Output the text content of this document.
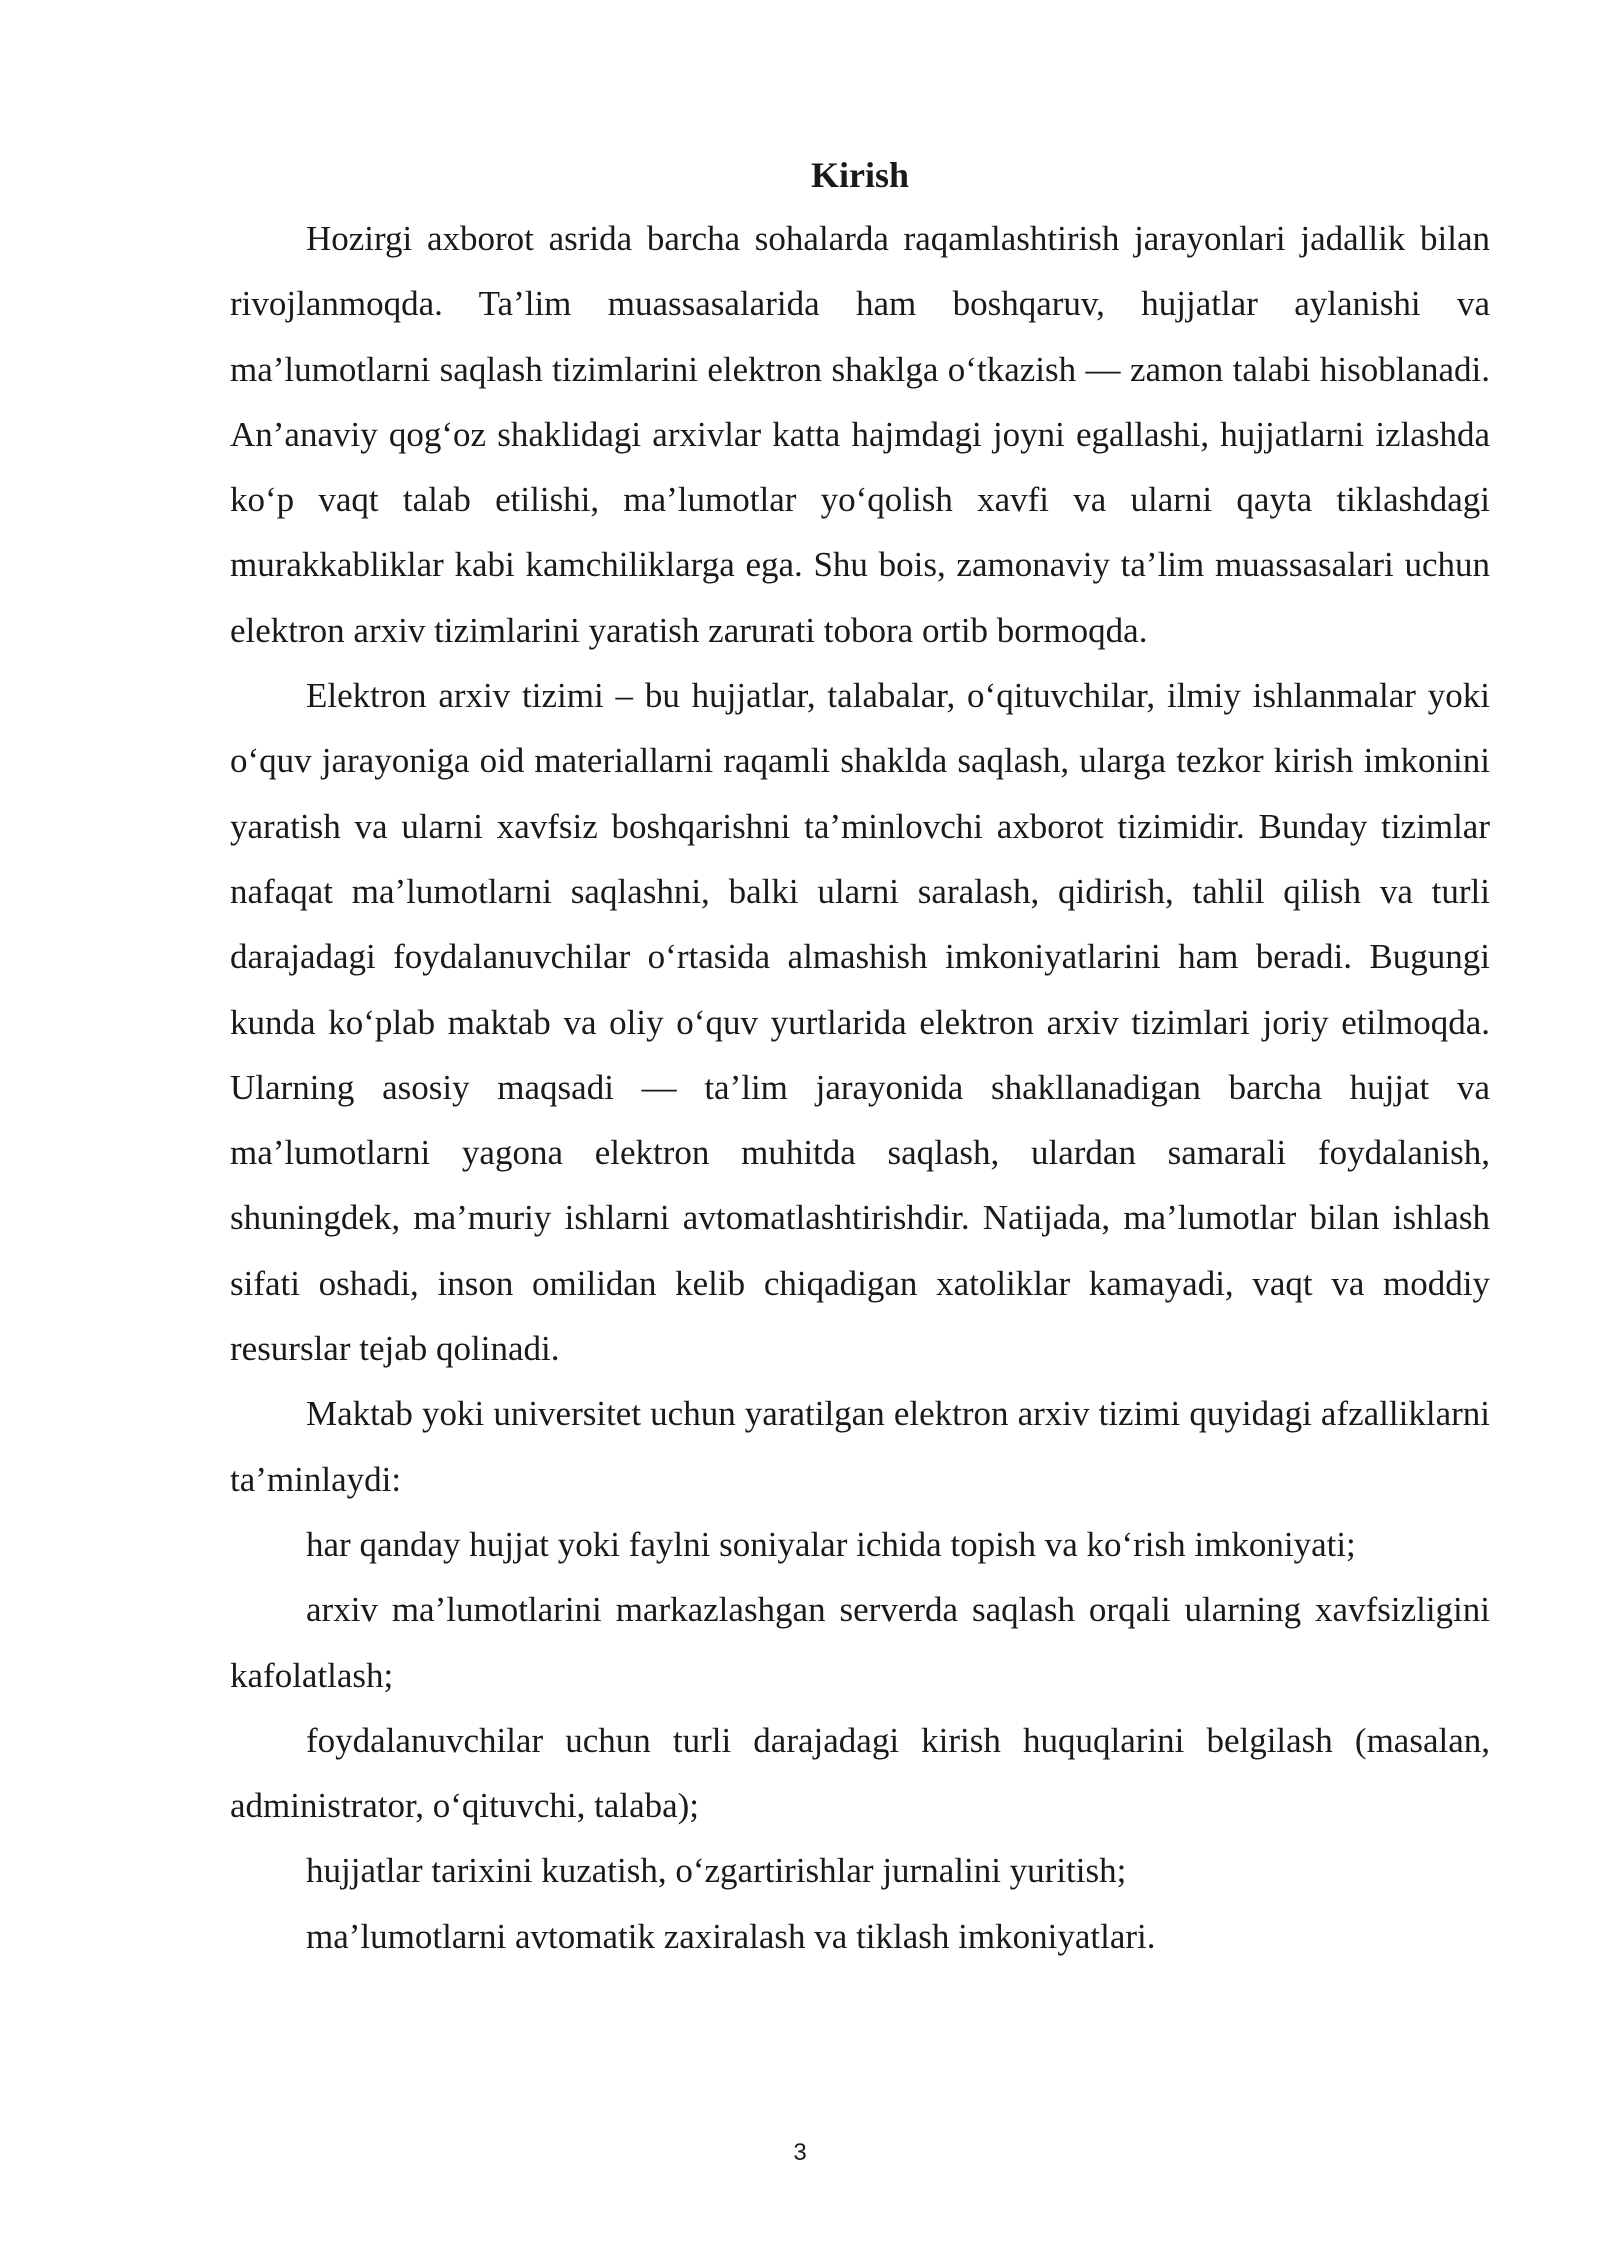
Kirish

Hozirgi axborot asrida barcha sohalarda raqamlashtirish jarayonlari jadallik bilan rivojlanmoqda. Ta’lim muassasalarida ham boshqaruv, hujjatlar aylanishi va ma’lumotlarni saqlash tizimlarini elektron shaklga o‘tkazish — zamon talabi hisoblanadi. An’anaviy qog‘oz shaklidagi arxivlar katta hajmdagi joyni egallashi, hujjatlarni izlashda ko‘p vaqt talab etilishi, ma’lumotlar yo‘qolish xavfi va ularni qayta tiklashdagi murakkabliklar kabi kamchiliklarga ega. Shu bois, zamonaviy ta’lim muassasalari uchun elektron arxiv tizimlarini yaratish zarurati tobora ortib bormoqda.

Elektron arxiv tizimi – bu hujjatlar, talabalar, o‘qituvchilar, ilmiy ishlanmalar yoki o‘quv jarayoniga oid materiallarni raqamli shaklda saqlash, ularga tezkor kirish imkonini yaratish va ularni xavfsiz boshqarishni ta’minlovchi axborot tizimidir. Bunday tizimlar nafaqat ma’lumotlarni saqlashni, balki ularni saralash, qidirish, tahlil qilish va turli darajadagi foydalanuvchilar o‘rtasida almashish imkoniyatlarini ham beradi. Bugungi kunda ko‘plab maktab va oliy o‘quv yurtlarida elektron arxiv tizimlari joriy etilmoqda. Ularning asosiy maqsadi — ta’lim jarayonida shakllanadigan barcha hujjat va ma’lumotlarni yagona elektron muhitda saqlash, ulardan samarali foydalanish, shuningdek, ma’muriy ishlarni avtomatlashtirishdir. Natijada, ma’lumotlar bilan ishlash sifati oshadi, inson omilidan kelib chiqadigan xatoliklar kamayadi, vaqt va moddiy resurslar tejab qolinadi.

Maktab yoki universitet uchun yaratilgan elektron arxiv tizimi quyidagi afzalliklarni ta’minlaydi:

har qanday hujjat yoki faylni soniyalar ichida topish va ko‘rish imkoniyati;

arxiv ma’lumotlarini markazlashgan serverda saqlash orqali ularning xavfsizligini kafolatlash;

foydalanuvchilar uchun turli darajadagi kirish huquqlarini belgilash (masalan, administrator, o‘qituvchi, talaba);

hujjatlar tarixini kuzatish, o‘zgartirishlar jurnalini yuritish;

ma’lumotlarni avtomatik zaxiralash va tiklash imkoniyatlari.

3
